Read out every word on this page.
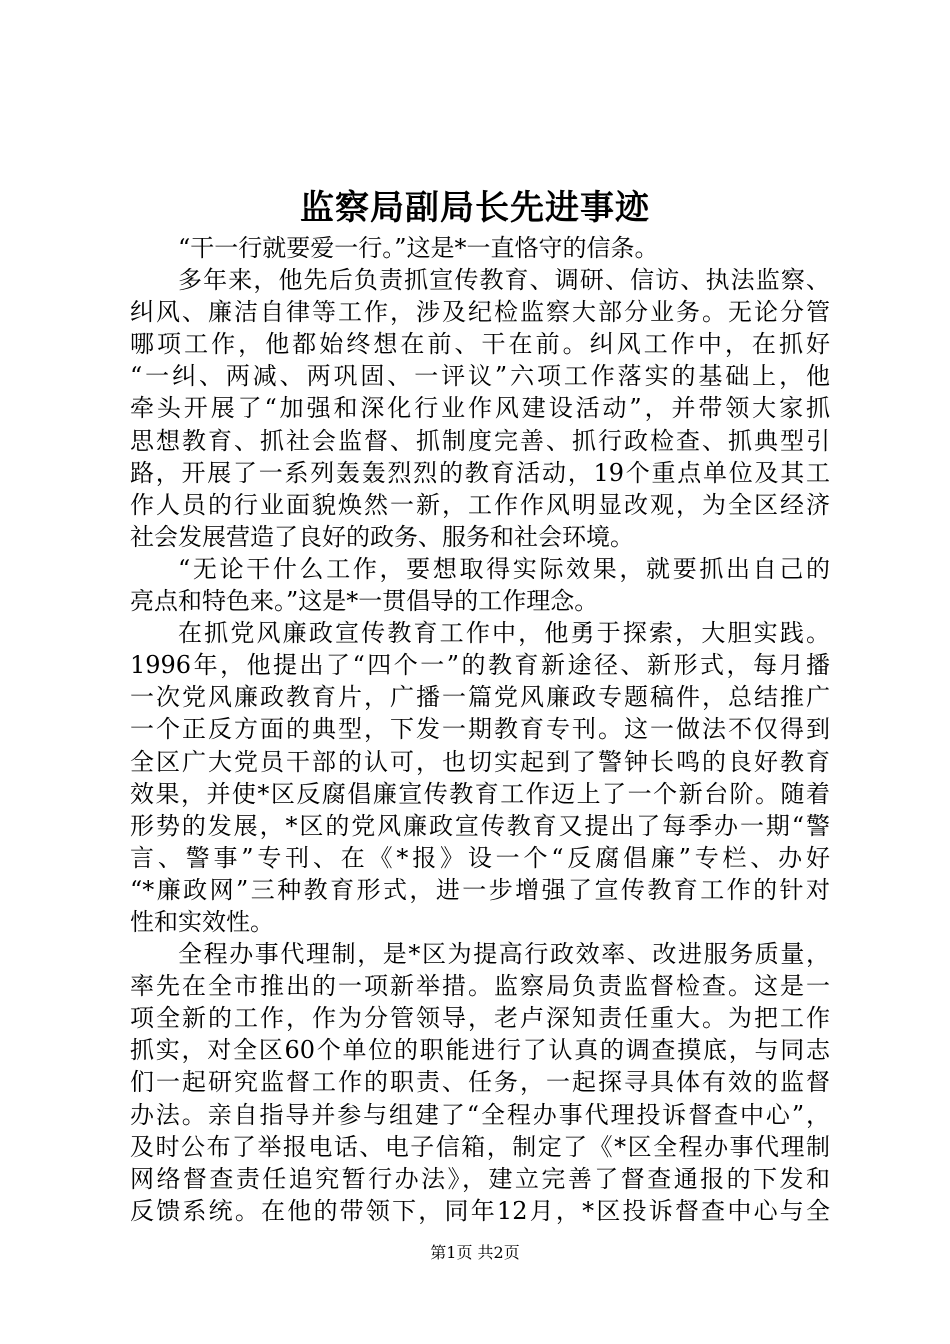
监察局副局长先进事迹
“干一行就要爱一行。”这是*一直恪守的信条。
多年来，他先后负责抓宣传教育、调研、信访、执法监察、
纠风、廉洁自律等工作，涉及纪检监察大部分业务。无论分管
哪项工作，他都始终想在前、干在前。纠风工作中，在抓好
“一纠、两减、两巩固、一评议”六项工作落实的基础上，他
牵头开展了“加强和深化行业作风建设活动”，并带领大家抓
思想教育、抓社会监督、抓制度完善、抓行政检查、抓典型引
路，开展了一系列轰轰烈烈的教育活动，19个重点单位及其工
作人员的行业面貌焕然一新，工作作风明显改观，为全区经济
社会发展营造了良好的政务、服务和社会环境。
“无论干什么工作，要想取得实际效果，就要抓出自己的
亮点和特色来。”这是*一贯倡导的工作理念。
在抓党风廉政宣传教育工作中，他勇于探索，大胆实践。
1996年，他提出了“四个一”的教育新途径、新形式，每月播
一次党风廉政教育片，广播一篇党风廉政专题稿件，总结推广
一个正反方面的典型，下发一期教育专刊。这一做法不仅得到
全区广大党员干部的认可，也切实起到了警钟长鸣的良好教育
效果，并使*区反腐倡廉宣传教育工作迈上了一个新台阶。随着
形势的发展，*区的党风廉政宣传教育又提出了每季办一期“警
言、警事”专刊、在《*报》设一个“反腐倡廉”专栏、办好
“*廉政网”三种教育形式，进一步增强了宣传教育工作的针对
性和实效性。
全程办事代理制，是*区为提高行政效率、改进服务质量，
率先在全市推出的一项新举措。监察局负责监督检查。这是一
项全新的工作，作为分管领导，老卢深知责任重大。为把工作
抓实，对全区60个单位的职能进行了认真的调查摸底，与同志
们一起研究监督工作的职责、任务，一起探寻具体有效的监督
办法。亲自指导并参与组建了“全程办事代理投诉督查中心”，
及时公布了举报电话、电子信箱，制定了《*区全程办事代理制
网络督查责任追究暂行办法》，建立完善了督查通报的下发和
反馈系统。在他的带领下，同年12月，*区投诉督查中心与全
第1页 共2页
